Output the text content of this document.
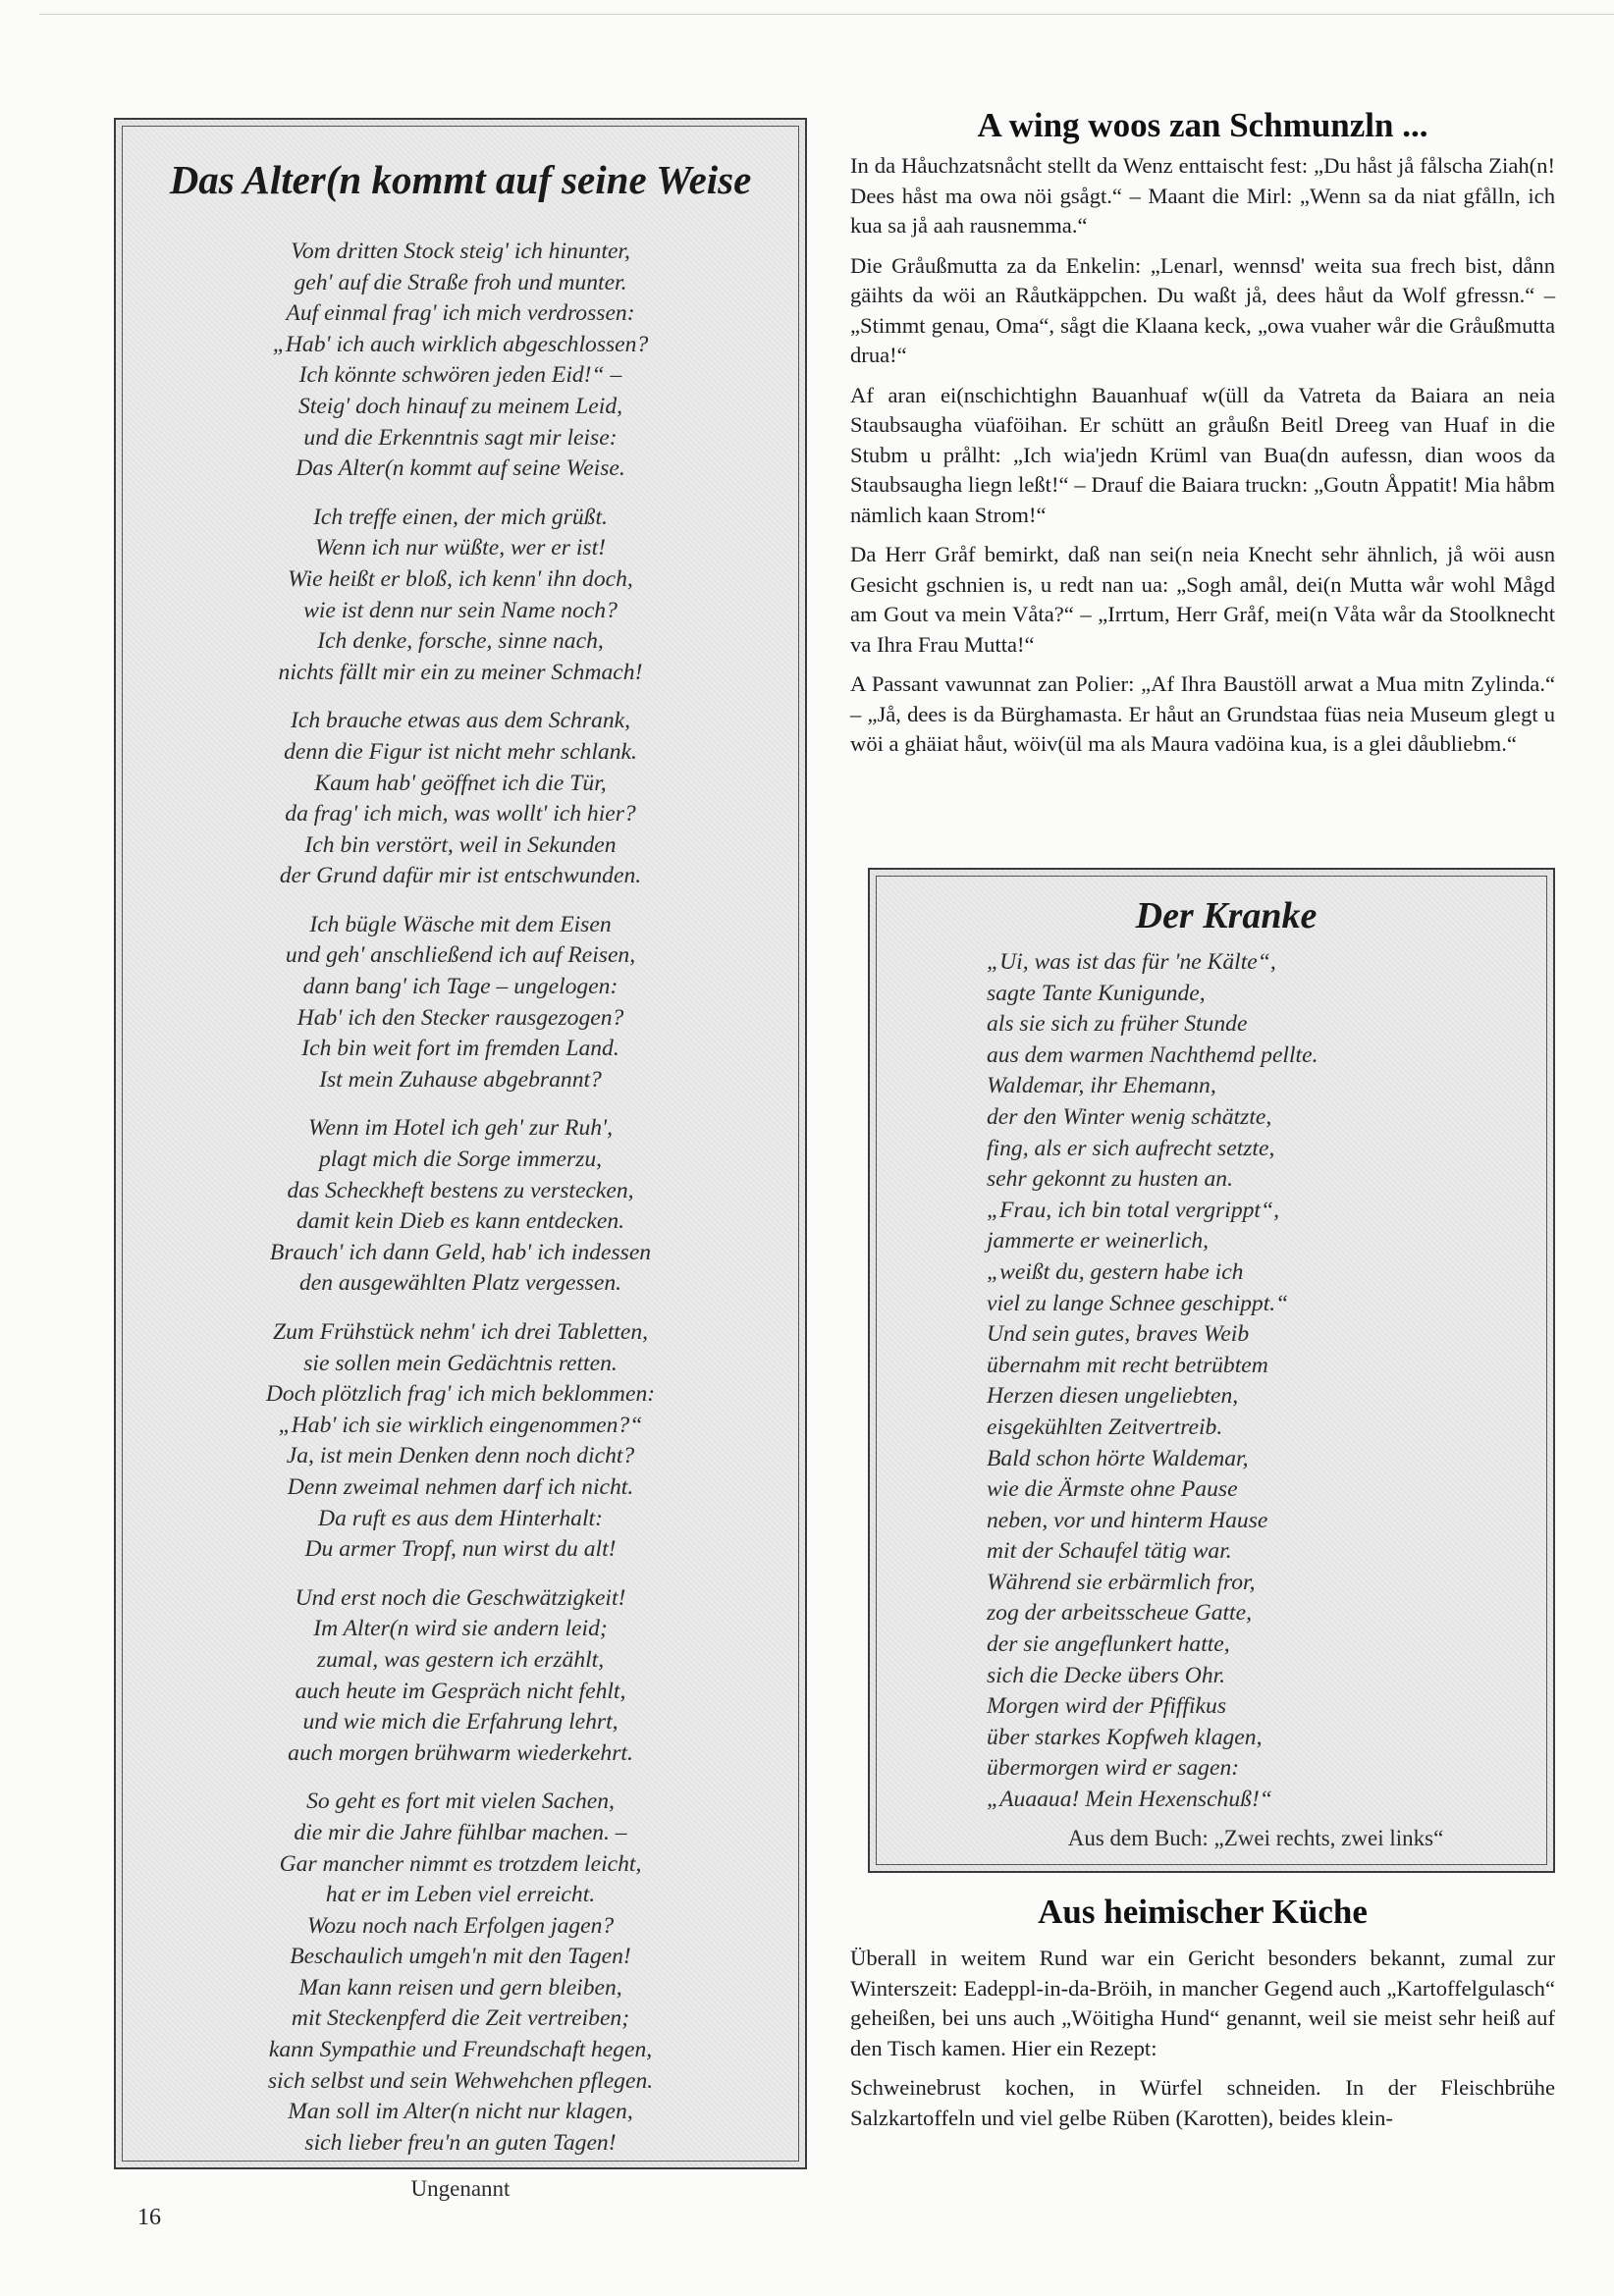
Das Alter(n kommt auf seine Weise
Vom dritten Stock steig' ich hinunter,
geh' auf die Straße froh und munter.
Auf einmal frag' ich mich verdrossen:
„Hab' ich auch wirklich abgeschlossen?
Ich könnte schwören jeden Eid!“ –
Steig' doch hinauf zu meinem Leid,
und die Erkenntnis sagt mir leise:
Das Alter(n kommt auf seine Weise.
Ich treffe einen, der mich grüßt.
Wenn ich nur wüßte, wer er ist!
Wie heißt er bloß, ich kenn' ihn doch,
wie ist denn nur sein Name noch?
Ich denke, forsche, sinne nach,
nichts fällt mir ein zu meiner Schmach!
Ich brauche etwas aus dem Schrank,
denn die Figur ist nicht mehr schlank.
Kaum hab' geöffnet ich die Tür,
da frag' ich mich, was wollt' ich hier?
Ich bin verstört, weil in Sekunden
der Grund dafür mir ist entschwunden.
Ich bügle Wäsche mit dem Eisen
und geh' anschließend ich auf Reisen,
dann bang' ich Tage – ungelogen:
Hab' ich den Stecker rausgezogen?
Ich bin weit fort im fremden Land.
Ist mein Zuhause abgebrannt?
Wenn im Hotel ich geh' zur Ruh',
plagt mich die Sorge immerzu,
das Scheckheft bestens zu verstecken,
damit kein Dieb es kann entdecken.
Brauch' ich dann Geld, hab' ich indessen
den ausgewählten Platz vergessen.
Zum Frühstück nehm' ich drei Tabletten,
sie sollen mein Gedächtnis retten.
Doch plötzlich frag' ich mich beklommen:
„Hab' ich sie wirklich eingenommen?“
Ja, ist mein Denken denn noch dicht?
Denn zweimal nehmen darf ich nicht.
Da ruft es aus dem Hinterhalt:
Du armer Tropf, nun wirst du alt!
Und erst noch die Geschwätzigkeit!
Im Alter(n wird sie andern leid;
zumal, was gestern ich erzählt,
auch heute im Gespräch nicht fehlt,
und wie mich die Erfahrung lehrt,
auch morgen brühwarm wiederkehrt.
So geht es fort mit vielen Sachen,
die mir die Jahre fühlbar machen. –
Gar mancher nimmt es trotzdem leicht,
hat er im Leben viel erreicht.
Wozu noch nach Erfolgen jagen?
Beschaulich umgeh'n mit den Tagen!
Man kann reisen und gern bleiben,
mit Steckenpferd die Zeit vertreiben;
kann Sympathie und Freundschaft hegen,
sich selbst und sein Wehwehchen pflegen.
Man soll im Alter(n nicht nur klagen,
sich lieber freu'n an guten Tagen!
Ungenannt
A wing woos zan Schmunzln ...

In da Håuchzatsnåcht stellt da Wenz enttaischt fest: „Du håst jå fålscha Ziah(n! Dees håst ma owa nöi gsågt.“ – Maant die Mirl: „Wenn sa da niat gfålln, ich kua sa jå aah rausnemma.“

Die Gråußmutta za da Enkelin: „Lenarl, wennsd' weita sua frech bist, dånn gäihts da wöi an Råutkäppchen. Du waßt jå, dees håut da Wolf gfressn.“ – „Stimmt genau, Oma“, sågt die Klaana keck, „owa vuaher wår die Gråußmutta drua!“

Af aran ei(nschichtighn Bauanhuaf w(üll da Vatreta da Baiara an neia Staubsaugha vüaföihan. Er schütt an gråußn Beitl Dreeg van Huaf in die Stubm u prålht: „Ich wia'jedn Krüml van Bua(dn aufessn, dian woos da Staubsaugha liegn leßt!“ – Drauf die Baiara truckn: „Goutn Åppatit! Mia håbm nämlich kaan Strom!“

Da Herr Gråf bemirkt, daß nan sei(n neia Knecht sehr ähnlich, jå wöi ausn Gesicht gschnien is, u redt nan ua: „Sogh amål, dei(n Mutta wår wohl Mågd am Gout va mein Våta?“ – „Irrtum, Herr Gråf, mei(n Våta wår da Stoolknecht va Ihra Frau Mutta!“

A Passant vawunnat zan Polier: „Af Ihra Baustöll arwat a Mua mitn Zylinda.“ – „Jå, dees is da Bürghamasta. Er håut an Grundstaa füas neia Museum glegt u wöi a ghäiat håut, wöiv(ül ma als Maura vadöina kua, is a glei dåubliebm.“

Der Kranke
„Ui, was ist das für 'ne Kälte“,
sagte Tante Kunigunde,
als sie sich zu früher Stunde
aus dem warmen Nachthemd pellte.
Waldemar, ihr Ehemann,
der den Winter wenig schätzte,
fing, als er sich aufrecht setzte,
sehr gekonnt zu husten an.
„Frau, ich bin total vergrippt“,
jammerte er weinerlich,
„weißt du, gestern habe ich
viel zu lange Schnee geschippt.“
Und sein gutes, braves Weib
übernahm mit recht betrübtem
Herzen diesen ungeliebten,
eisgekühlten Zeitvertreib.
Bald schon hörte Waldemar,
wie die Ärmste ohne Pause
neben, vor und hinterm Hause
mit der Schaufel tätig war.
Während sie erbärmlich fror,
zog der arbeitsscheue Gatte,
der sie angeflunkert hatte,
sich die Decke übers Ohr.
Morgen wird der Pfiffikus
über starkes Kopfweh klagen,
übermorgen wird er sagen:
„Auaaua! Mein Hexenschuß!“
Aus dem Buch: „Zwei rechts, zwei links“
Aus heimischer Küche

Überall in weitem Rund war ein Gericht besonders bekannt, zumal zur Winterszeit: Eadeppl-in-da-Bröih, in mancher Gegend auch „Kartoffelgulasch“ geheißen, bei uns auch „Wöitigha Hund“ genannt, weil sie meist sehr heiß auf den Tisch kamen. Hier ein Rezept:

Schweinebrust kochen, in Würfel schneiden. In der Fleischbrühe Salzkartoffeln und viel gelbe Rüben (Karotten), beides klein-

16
